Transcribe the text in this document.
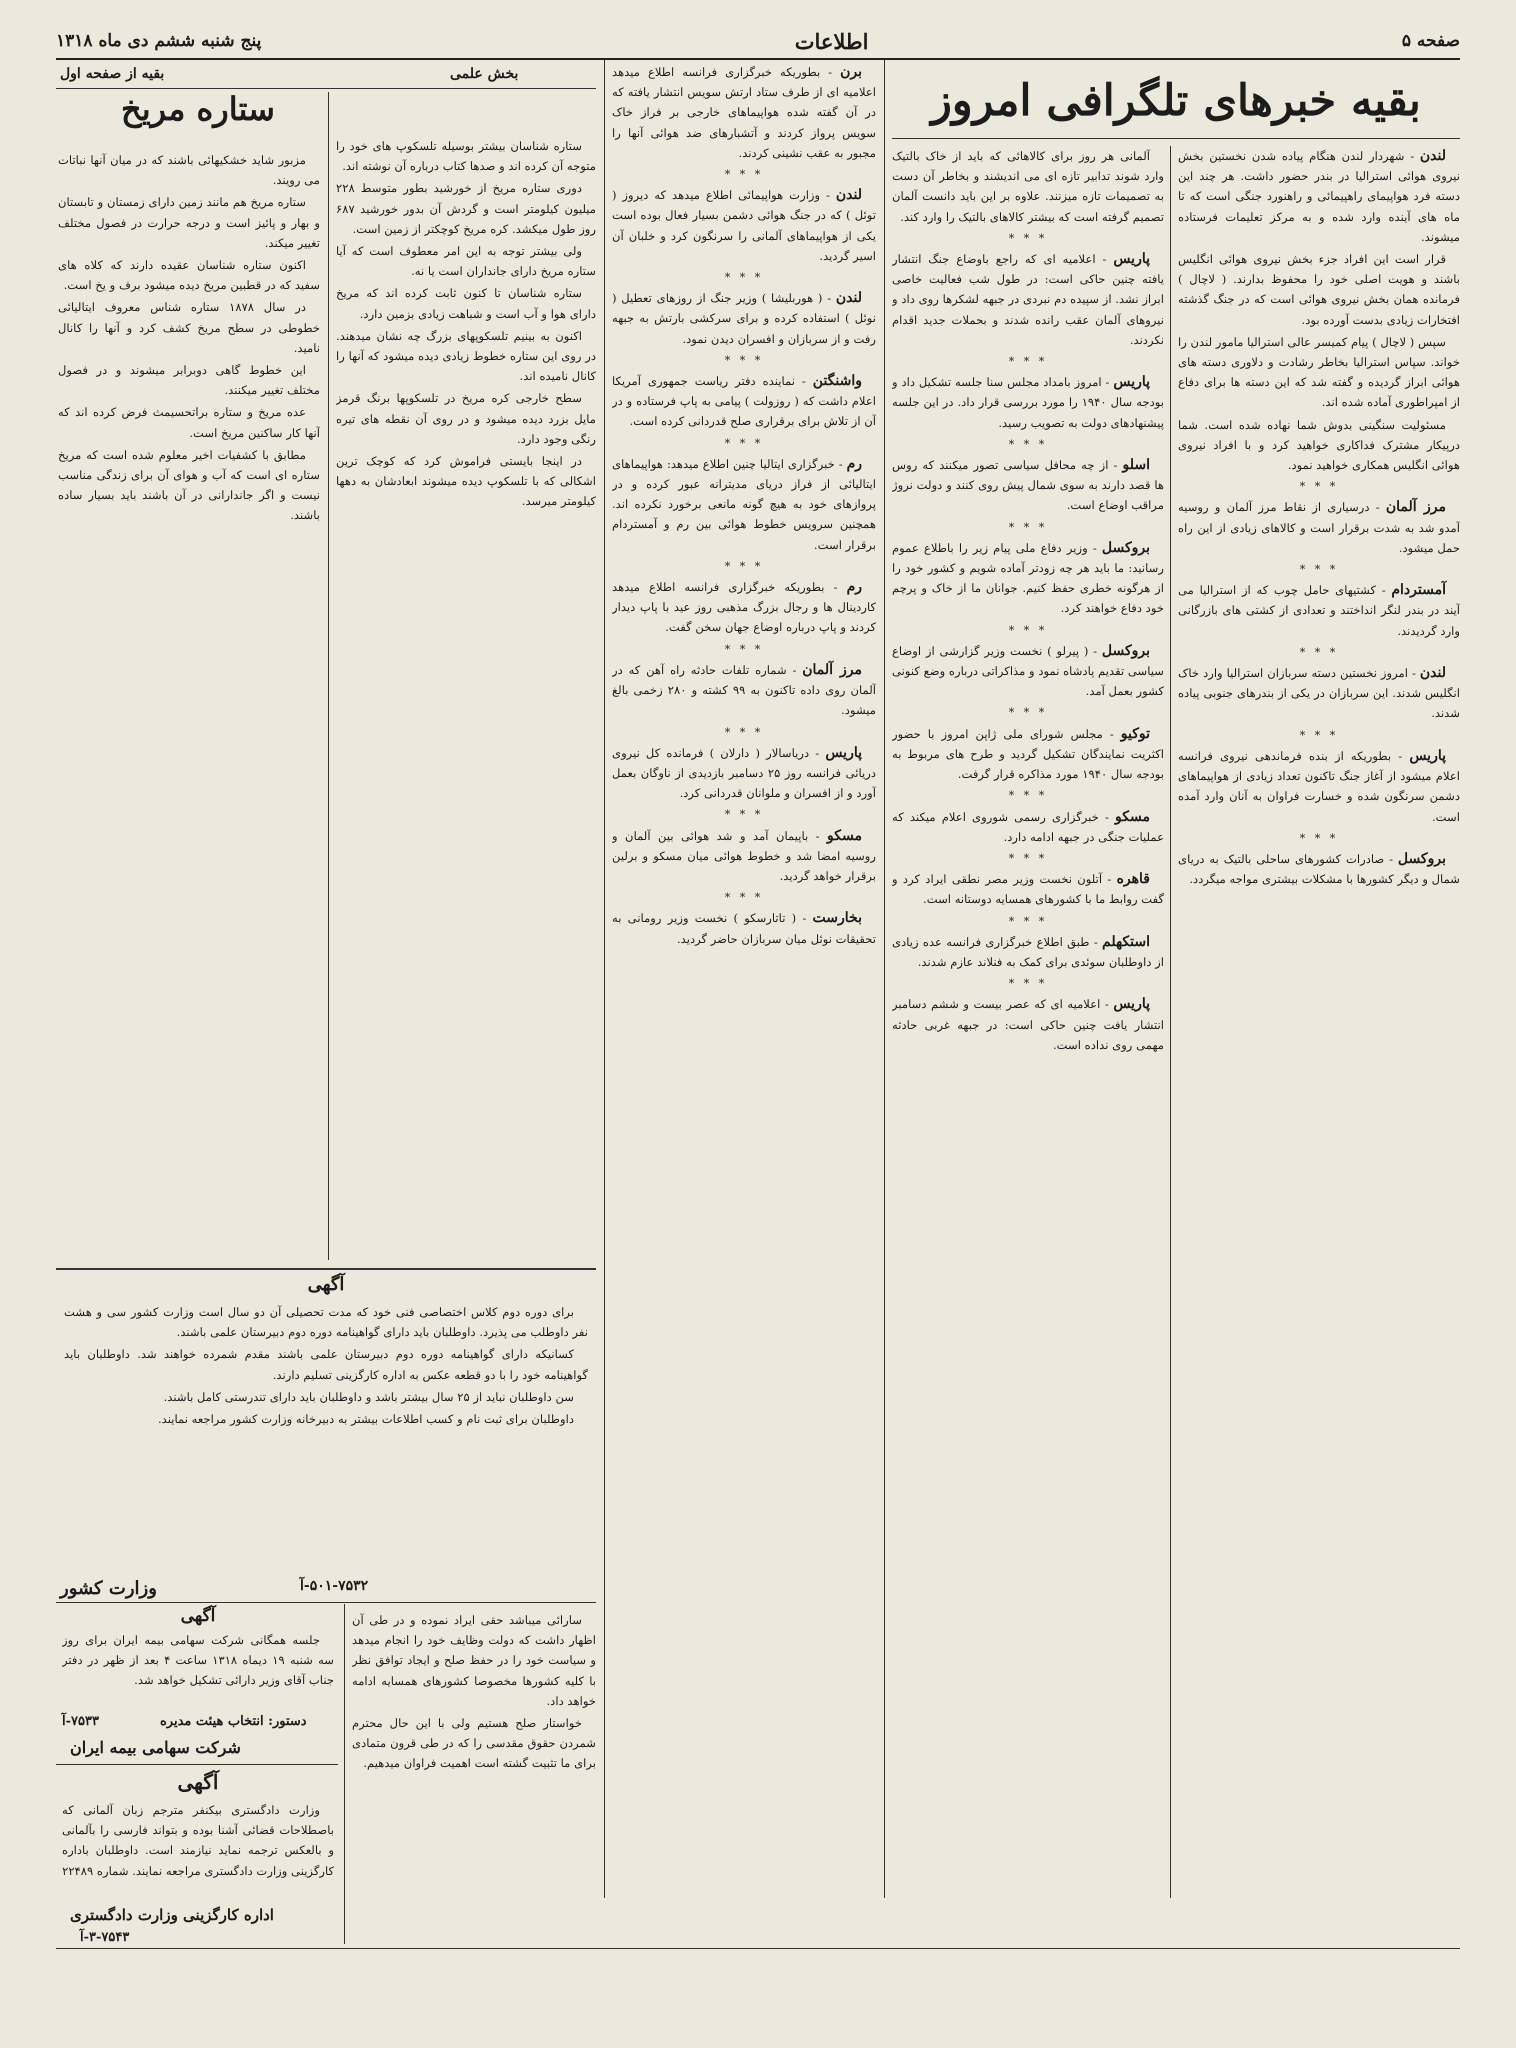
صفحه ۵
اطلاعات
پنج شنبه ششم دی ماه ۱۳۱۸
بقیه خبرهای تلگرافی امروز

لندن - شهردار لندن هنگام پیاده شدن نخستین بخش نیروی هوائی استرالیا در بندر حضور داشت. هر چند این دسته فرد هواپیمای راهپیمائی و راهنورد جنگی است که تا ماه های آینده وارد شده و به مرکز تعلیمات فرستاده میشوند.

قرار است این افراد جزء بخش نیروی هوائی انگلیس باشند و هویت اصلی خود را محفوظ بدارند. ( لاچال ) فرمانده همان بخش نیروی هوائی است که در جنگ گذشته افتخارات زیادی بدست آورده بود.

سپس ( لاچال ) پیام کمیسر عالی استرالیا مامور لندن را خواند. سپاس استرالیا بخاطر رشادت و دلاوری دسته های هوائی ابراز گردیده و گفته شد که این دسته ها برای دفاع از امپراطوری آماده شده اند.

مسئولیت سنگینی بدوش شما نهاده شده است. شما درپیکار مشترک فداکاری خواهید کرد و با افراد نیروی هوائی انگلیس همکاری خواهید نمود.

* * *

مرز آلمان - درسیاری از نقاط مرز آلمان و روسیه آمدو شد به شدت برقرار است و کالاهای زیادی از این راه حمل میشود.

* * *

آمستردام - کشتیهای حامل چوب که از استرالیا می آیند در بندر لنگر انداختند و تعدادی از کشتی های بازرگانی وارد گردیدند.

* * *

لندن - امروز نخستین دسته سربازان استرالیا وارد خاک انگلیس شدند. این سربازان در یکی از بندرهای جنوبی پیاده شدند.

* * *

پاریس - بطوریکه از بنده فرماندهی نیروی فرانسه اعلام میشود از آغاز جنگ تاکنون تعداد زیادی از هواپیماهای دشمن سرنگون شده و خسارت فراوان به آنان وارد آمده است.

* * *

بروکسل - صادرات کشورهای ساحلی بالتیک به دریای شمال و دیگر کشورها با مشکلات بیشتری مواجه میگردد.

آلمانی هر روز برای کالاهائی که باید از خاک بالتیک وارد شوند تدابیر تازه ای می اندیشند و بخاطر آن دست به تصمیمات تازه میزنند. علاوه بر این باید دانست آلمان تصمیم گرفته است که بیشتر کالاهای بالتیک را وارد کند.

* * *

پاریس - اعلامیه ای که راجع باوضاع جنگ انتشار یافته چنین حاکی است: در طول شب فعالیت خاصی ابراز نشد. از سپیده دم نبردی در جبهه لشکرها روی داد و نیروهای آلمان عقب رانده شدند و بحملات جدید اقدام نکردند.

* * *

پاریس - امروز بامداد مجلس سنا جلسه تشکیل داد و بودجه سال ۱۹۴۰ را مورد بررسی قرار داد. در این جلسه پیشنهادهای دولت به تصویب رسید.

* * *

اسلو - از چه محافل سیاسی تصور میکنند که روس ها قصد دارند به سوی شمال پیش روی کنند و دولت نروژ مراقب اوضاع است.

* * *

بروکسل - وزیر دفاع ملی پیام زیر را باطلاع عموم رسانید: ما باید هر چه زودتر آماده شویم و کشور خود را از هرگونه خطری حفظ کنیم. جوانان ما از خاک و پرچم خود دفاع خواهند کرد.

* * *

بروکسل - ( پیرلو ) نخست وزیر گزارشی از اوضاع سیاسی تقدیم پادشاه نمود و مذاکراتی درباره وضع کنونی کشور بعمل آمد.

* * *

توکیو - مجلس شورای ملی ژاپن امروز با حضور اکثریت نمایندگان تشکیل گردید و طرح های مربوط به بودجه سال ۱۹۴۰ مورد مذاکره قرار گرفت.

* * *

مسکو - خبرگزاری رسمی شوروی اعلام میکند که عملیات جنگی در جبهه ادامه دارد.

* * *

قاهره - آتلون نخست وزیر مصر نطقی ایراد کرد و گفت روابط ما با کشورهای همسایه دوستانه است.

* * *

استکهلم - طبق اطلاع خبرگزاری فرانسه عده زیادی از داوطلبان سوئدی برای کمک به فنلاند عازم شدند.

* * *

پاریس - اعلامیه ای که عصر بیست و ششم دسامبر انتشار یافت چنین حاکی است: در جبهه غربی حادثه مهمی روی نداده است.

برن - بطوریکه خبرگزاری فرانسه اطلاع میدهد اعلامیه ای از طرف ستاد ارتش سویس انتشار یافته که در آن گفته شده هواپیماهای خارجی بر فراز خاک سویس پرواز کردند و آتشبارهای ضد هوائی آنها را مجبور به عقب نشینی کردند.

* * *

لندن - وزارت هواپیمائی اطلاع میدهد که دیروز ( توئل ) که در جنگ هوائی دشمن بسیار فعال بوده است یکی از هواپیماهای آلمانی را سرنگون کرد و خلبان آن اسیر گردید.

* * *

لندن - ( هوربلیشا ) وزیر جنگ از روزهای تعطیل ( نوئل ) استفاده کرده و برای سرکشی بارتش به جبهه رفت و از سربازان و افسران دیدن نمود.

* * *

واشنگتن - نماینده دفتر ریاست جمهوری آمریکا اعلام داشت که ( روزولت ) پیامی به پاپ فرستاده و در آن از تلاش برای برقراری صلح قدردانی کرده است.

* * *

رم - خبرگزاری ایتالیا چنین اطلاع میدهد: هواپیماهای ایتالیائی از فراز دریای مدیترانه عبور کرده و در پروازهای خود به هیچ گونه مانعی برخورد نکرده اند. همچنین سرویس خطوط هوائی بین رم و آمستردام برقرار است.

* * *

رم - بطوریکه خبرگزاری فرانسه اطلاع میدهد کاردینال ها و رجال بزرگ مذهبی روز عید با پاپ دیدار کردند و پاپ درباره اوضاع جهان سخن گفت.

* * *

مرز آلمان - شماره تلفات حادثه راه آهن که در آلمان روی داده تاکنون به ۹۹ کشته و ۲۸۰ زخمی بالغ میشود.

* * *

پاریس - دریاسالار ( دارلان ) فرمانده کل نیروی دریائی فرانسه روز ۲۵ دسامبر بازدیدی از ناوگان بعمل آورد و از افسران و ملوانان قدردانی کرد.

* * *

مسکو - باپیمان آمد و شد هوائی بین آلمان و روسیه امضا شد و خطوط هوائی میان مسکو و برلین برقرار خواهد گردید.

* * *

بخارست - ( تاتارسکو ) نخست وزیر رومانی به تحقیقات نوئل میان سربازان حاضر گردید.

بخش علمی
بقیه از صفحه اول
ستاره مریخ

ستاره شناسان بیشتر بوسیله تلسکوپ های خود را متوجه آن کرده اند و صدها کتاب درباره آن نوشته اند.

دوری ستاره مریخ از خورشید بطور متوسط ۲۲۸ میلیون کیلومتر است و گردش آن بدور خورشید ۶۸۷ روز طول میکشد. کره مریخ کوچکتر از زمین است.

ولی بیشتر توجه به این امر معطوف است که آیا ستاره مریخ دارای جانداران است یا نه.

ستاره شناسان تا کنون ثابت کرده اند که مریخ دارای هوا و آب است و شباهت زیادی بزمین دارد.

اکنون به بینیم تلسکوپهای بزرگ چه نشان میدهند. در روی این ستاره خطوط زیادی دیده میشود که آنها را کانال نامیده اند.

سطح خارجی کره مریخ در تلسکوپها برنگ قرمز مایل بزرد دیده میشود و در روی آن نقطه های تیره رنگی وجود دارد.

در اینجا بایستی فراموش کرد که کوچک ترین اشکالی که با تلسکوپ دیده میشوند ابعادشان به دهها کیلومتر میرسد.

مزبور شاید خشکیهائی باشند که در میان آنها نباتات می رویند.

ستاره مریخ هم مانند زمین دارای زمستان و تابستان و بهار و پائیز است و درجه حرارت در فصول مختلف تغییر میکند.

اکنون ستاره شناسان عقیده دارند که کلاه های سفید که در قطبین مریخ دیده میشود برف و یخ است.

در سال ۱۸۷۸ ستاره شناس معروف ایتالیائی خطوطی در سطح مریخ کشف کرد و آنها را کانال نامید.

این خطوط گاهی دوبرابر میشوند و در فصول مختلف تغییر میکنند.

عده مریخ و ستاره براتحسیمث فرض کرده اند که آنها کار ساکنین مریخ است.

مطابق با کشفیات اخیر معلوم شده است که مریخ ستاره ای است که آب و هوای آن برای زندگی مناسب نیست و اگر جاندارانی در آن باشند باید بسیار ساده باشند.

آگهی

برای دوره دوم کلاس اختصاصی فنی خود که مدت تحصیلی آن دو سال است وزارت کشور سی و هشت نفر داوطلب می پذیرد. داوطلبان باید دارای گواهینامه دوره دوم دبیرستان علمی باشند.

کسانیکه دارای گواهینامه دوره دوم دبیرستان علمی باشند مقدم شمرده خواهند شد. داوطلبان باید گواهینامه خود را با دو قطعه عکس به اداره کارگزینی تسلیم دارند.

سن داوطلبان نباید از ۲۵ سال بیشتر باشد و داوطلبان باید دارای تندرستی کامل باشند.

داوطلبان برای ثبت نام و کسب اطلاعات بیشتر به دبیرخانه وزارت کشور مراجعه نمایند.

۵۰۱-۷۵۳۲-آ
وزارت کشور
آگهی

جلسه همگانی شرکت سهامی بیمه ایران برای روز سه شنبه ۱۹ دیماه ۱۳۱۸ ساعت ۴ بعد از ظهر در دفتر جناب آقای وزیر دارائی تشکیل خواهد شد.

دستور: انتخاب هیئت مدیره
۷۵۳۳-آ
شرکت سهامی بیمه ایران
آگهی

وزارت دادگستری بیکنفر مترجم زبان آلمانی که باصطلاحات قضائی آشنا بوده و بتواند فارسی را بآلمانی و بالعکس ترجمه نماید نیازمند است. داوطلبان باداره کارگزینی وزارت دادگستری مراجعه نمایند. شماره ۲۲۴۸۹

اداره کارگزینی وزارت دادگستری
۳-۷۵۴۳-آ

سارائی میباشد حقی ایراد نموده و در طی آن اظهار داشت که دولت وظایف خود را انجام میدهد و سیاست خود را در حفظ صلح و ایجاد توافق نظر با کلیه کشورها مخصوصا کشورهای همسایه ادامه خواهد داد.

خواستار صلح هستیم ولی با این حال محترم شمردن حقوق مقدسی را که در طی قرون متمادی برای ما تثبیت گشته است اهمیت فراوان میدهیم.
